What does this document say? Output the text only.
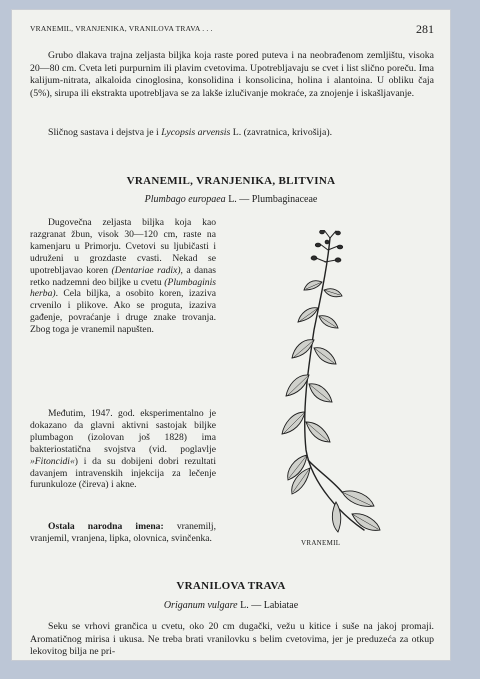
VRANEMIL, VRANJENIKA, VRANILOVA TRAVA . . .	281

Grubo dlakava trajna zeljasta biljka koja raste pored puteva i na neobrađenom zemljištu, visoka 20—80 cm. Cveta leti purpurnim ili plavim cvetovima. Upotrebljavaju se cvet i list slično poreču. Ima kalijum-nitrata, alkaloida cinoglosina, konsolidina i konsolicina, holina i alantoina. U obliku čaja (5%), sirupa ili ekstrakta upotrebljava se za lakše izlučivanje mokraće, za znojenje i iskašljavanje.

Sličnog sastava i dejstva je i Lycopsis arvensis L. (zavratnica, krivošija).

VRANEMIL, VRANJENIKA, BLITVINA

Plumbago europaea L. — Plumbaginaceae

Dugovečna zeljasta biljka koja kao razgranat žbun, visok 30—120 cm, raste na kamenjaru u Primorju. Cvetovi su ljubičasti i udruženi u grozdaste cvasti. Nekad se upotrebljavao koren (Dentariae radix), a danas retko nadzemni deo biljke u cvetu (Plumbaginis herba). Cela biljka, a osobito koren, izaziva crvenilo i plikove. Ako se proguta, izaziva gađenje, povraćanje i druge znake trovanja. Zbog toga je vranemil napušten.

Međutim, 1947. god. eksperimentalno je dokazano da glavni aktivni sastojak biljke plumbagon (izolovan još 1828) ima bakteriostatična svojstva (vid. poglavlje »Fitoncidi«) i da su dobijeni dobri rezultati davanjem intravenskih injekcija za lečenje furunkuloze (čireva) i akne.

Ostala narodna imena: vranemilj, vranjemil, vranjena, lipka, olovnica, svinčenka.	VRANEMIL
VRANILOVA TRAVA

Origanum vulgare L. — Labiatae

Seku se vrhovi grančica u cvetu, oko 20 cm dugački, vežu u kitice i suše na jakoj promaji. Aromatičnog mirisa i ukusa. Ne treba brati vranilovku s belim cvetovima, jer je preduzeća za otkup lekovitog bilja ne pri-
